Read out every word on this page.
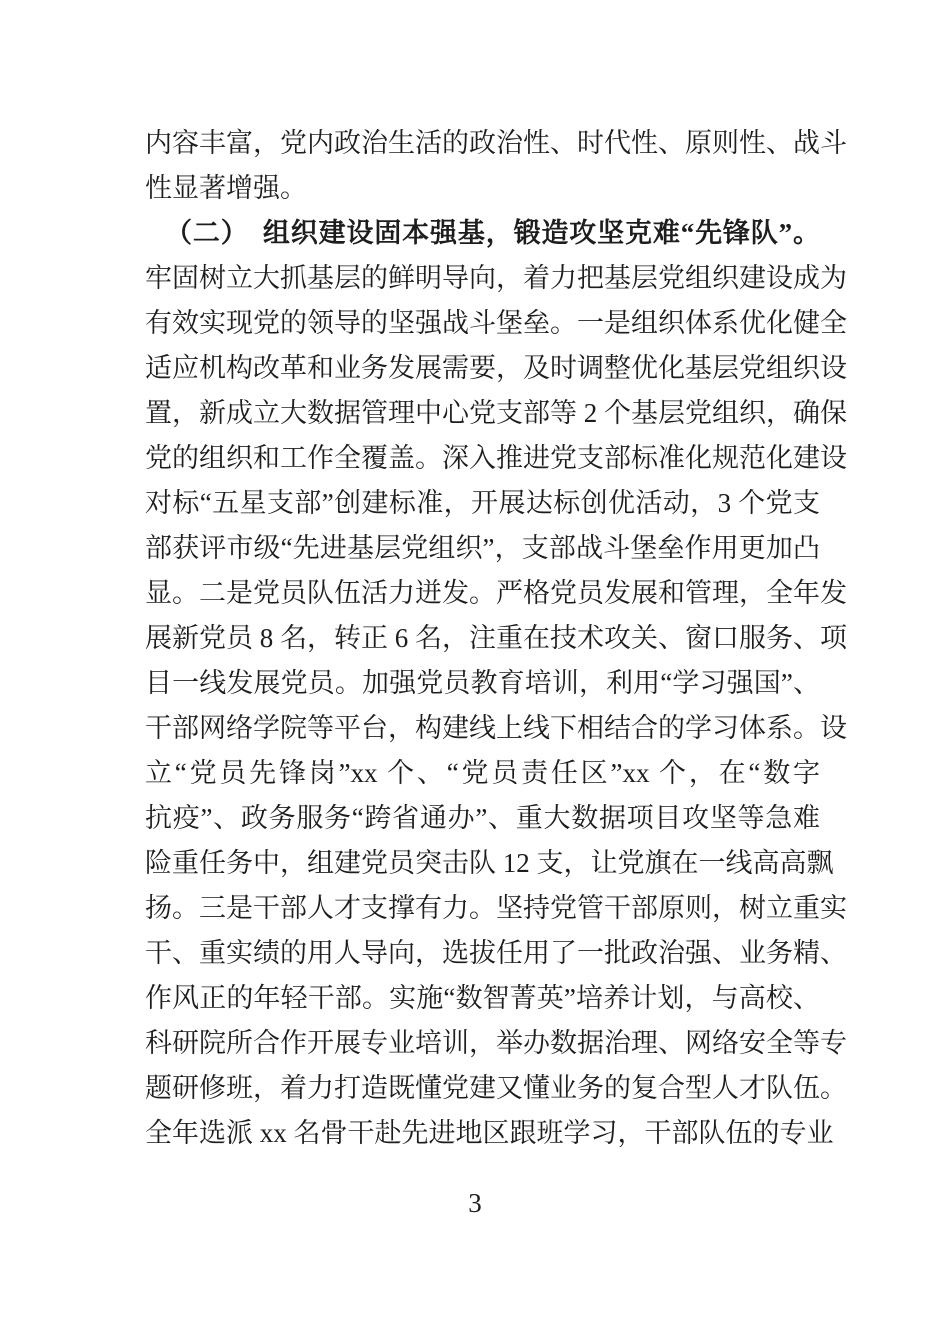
内容丰富，党内政治生活的政治性、时代性、原则性、战斗
性显著增强。
（二）　组织建设固本强基，锻造攻坚克难“先锋队”。
牢固树立大抓基层的鲜明导向，着力把基层党组织建设成为
有效实现党的领导的坚强战斗堡垒。一是组织体系优化健全
适应机构改革和业务发展需要，及时调整优化基层党组织设
置，新成立大数据管理中心党支部等 2 个基层党组织，确保
党的组织和工作全覆盖。深入推进党支部标准化规范化建设
对标“五星支部”创建标准，开展达标创优活动，3 个党支
部获评市级“先进基层党组织”，支部战斗堡垒作用更加凸
显。二是党员队伍活力迸发。严格党员发展和管理，全年发
展新党员 8 名，转正 6 名，注重在技术攻关、窗口服务、项
目一线发展党员。加强党员教育培训，利用“学习强国”、
干部网络学院等平台，构建线上线下相结合的学习体系。设
立“党员先锋岗”xx 个、“党员责任区”xx 个，在“数字
抗疫”、政务服务“跨省通办”、重大数据项目攻坚等急难
险重任务中，组建党员突击队 12 支，让党旗在一线高高飘
扬。三是干部人才支撑有力。坚持党管干部原则，树立重实
干、重实绩的用人导向，选拔任用了一批政治强、业务精、
作风正的年轻干部。实施“数智菁英”培养计划，与高校、
科研院所合作开展专业培训，举办数据治理、网络安全等专
题研修班，着力打造既懂党建又懂业务的复合型人才队伍。
全年选派 xx 名骨干赴先进地区跟班学习，干部队伍的专业
3
